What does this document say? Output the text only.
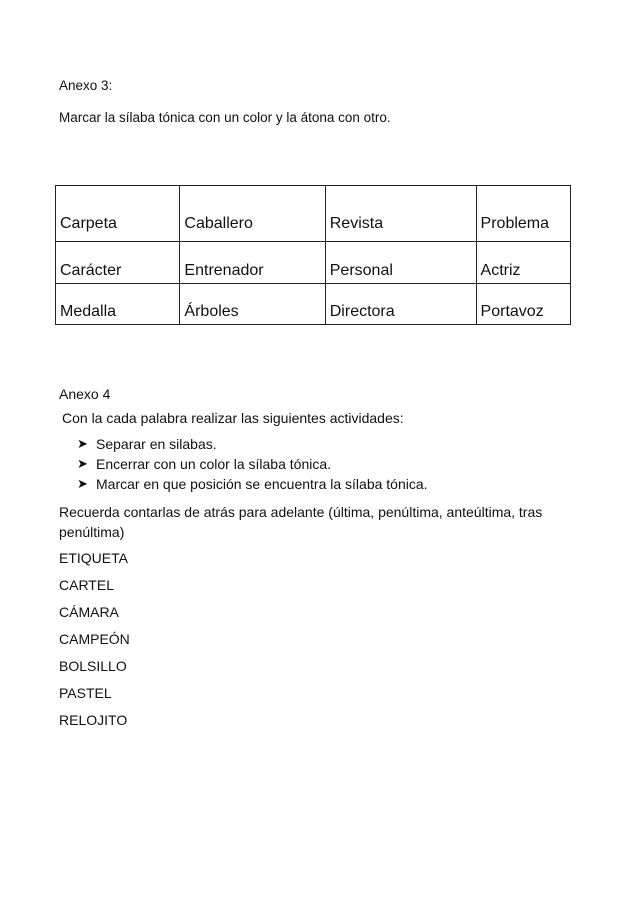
Anexo 3:
Marcar la sílaba tónica con un color y la átona con otro.
Carpeta	Caballero	Revista	Problema
Carácter	Entrenador	Personal	Actriz
Medalla	Árboles	Directora	Portavoz
Anexo 4
Con la cada palabra realizar las siguientes actividades:
➤ Separar en silabas.
➤ Encerrar con un color la sílaba tónica.
➤ Marcar en que posición se encuentra la sílaba tónica.
Recuerda contarlas de atrás para adelante (última, penúltima, anteúltima, tras penúltima)
ETIQUETA
CARTEL
CÁMARA
CAMPEÓN
BOLSILLO
PASTEL
RELOJITO
